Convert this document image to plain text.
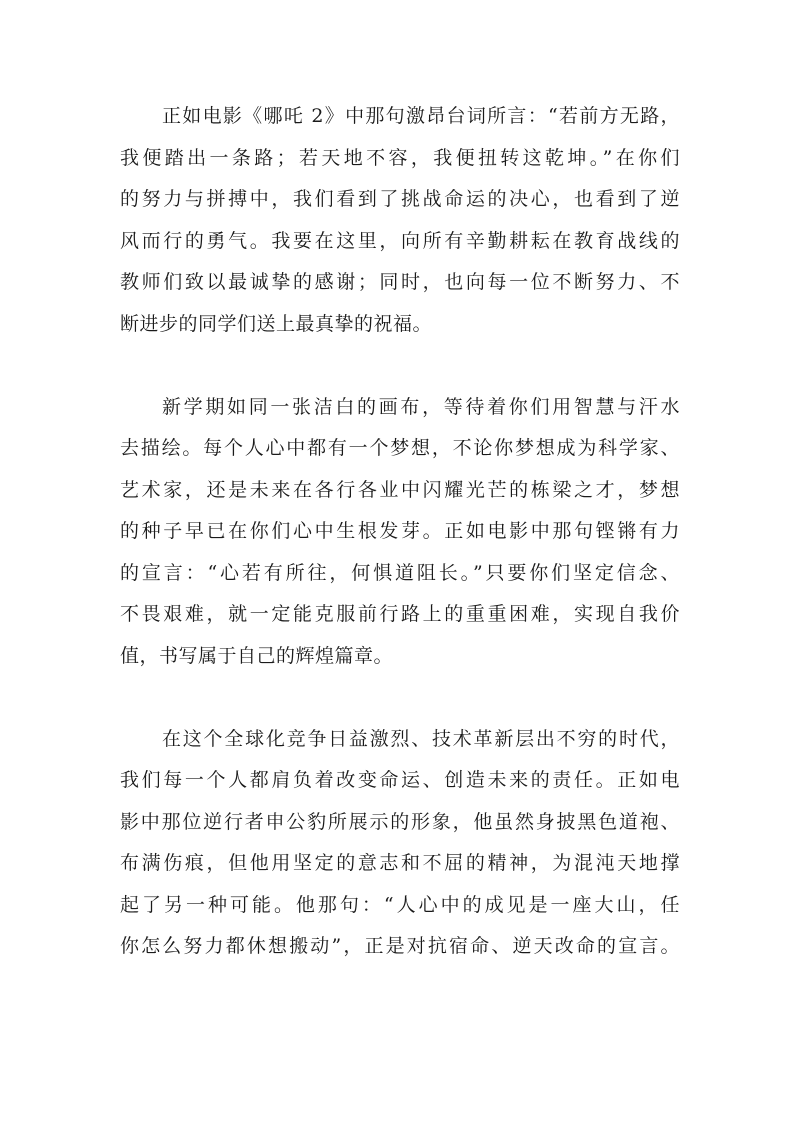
正如电影《哪吒 2》中那句激昂台词所言：“若前方无路，
我便踏出一条路；若天地不容，我便扭转这乾坤。”在你们
的努力与拼搏中，我们看到了挑战命运的决心，也看到了逆
风而行的勇气。我要在这里，向所有辛勤耕耘在教育战线的
教师们致以最诚挚的感谢；同时，也向每一位不断努力、不
断进步的同学们送上最真挚的祝福。

新学期如同一张洁白的画布，等待着你们用智慧与汗水
去描绘。每个人心中都有一个梦想，不论你梦想成为科学家、
艺术家，还是未来在各行各业中闪耀光芒的栋梁之才，梦想
的种子早已在你们心中生根发芽。正如电影中那句铿锵有力
的宣言：“心若有所往，何惧道阻长。”只要你们坚定信念、
不畏艰难，就一定能克服前行路上的重重困难，实现自我价
值，书写属于自己的辉煌篇章。

在这个全球化竞争日益激烈、技术革新层出不穷的时代，
我们每一个人都肩负着改变命运、创造未来的责任。正如电
影中那位逆行者申公豹所展示的形象，他虽然身披黑色道袍、
布满伤痕，但他用坚定的意志和不屈的精神，为混沌天地撑
起了另一种可能。他那句：“人心中的成见是一座大山，任
你怎么努力都休想搬动”，正是对抗宿命、逆天改命的宣言。
